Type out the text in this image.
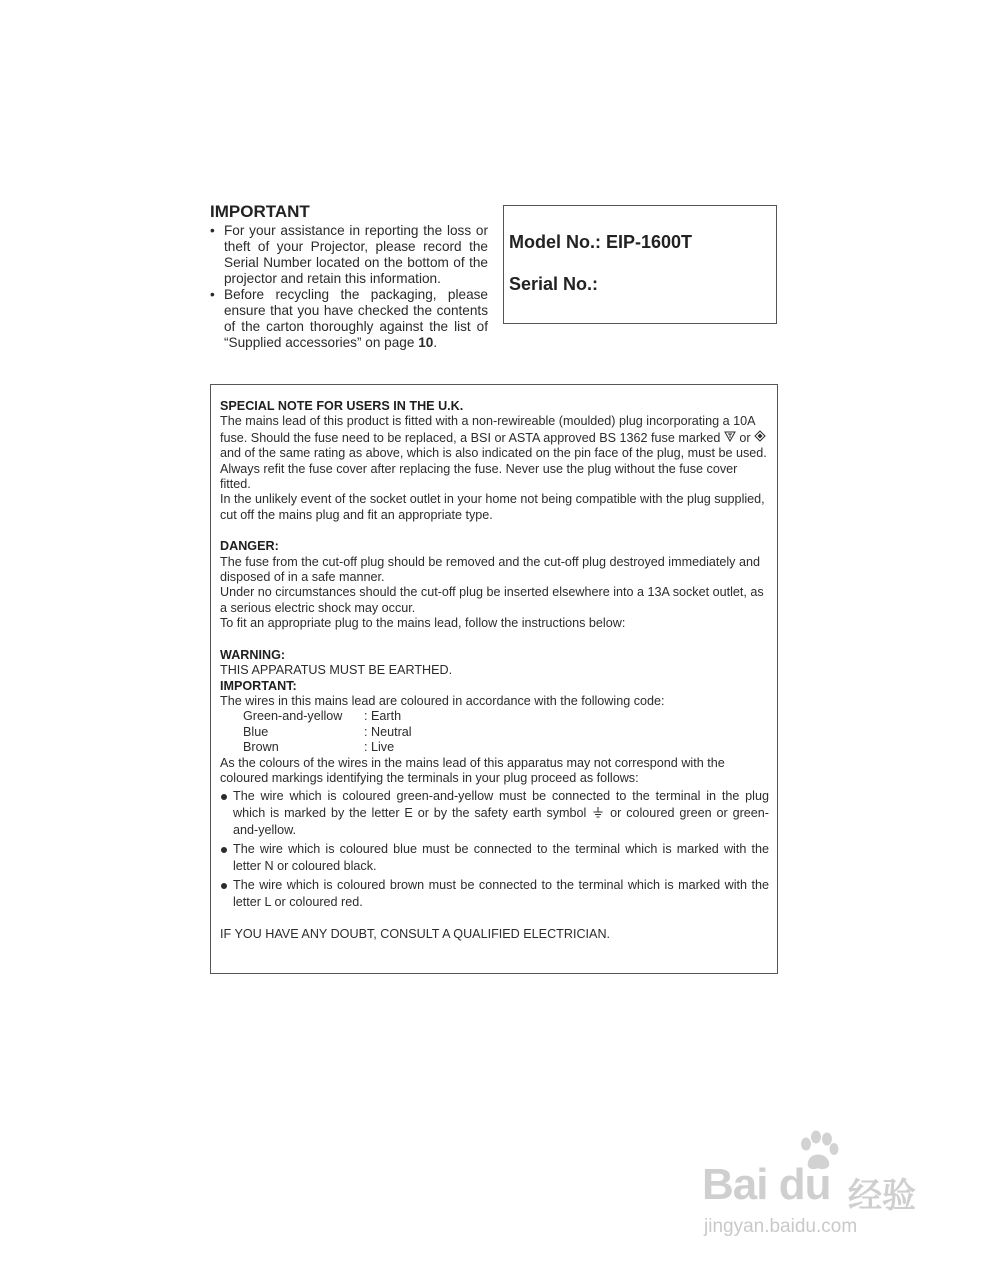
IMPORTANT
• For your assistance in reporting the loss or theft of your Projector, please record the Serial Number located on the bottom of the projector and retain this information.
• Before recycling the packaging, please ensure that you have checked the contents of the carton thoroughly against the list of “Supplied accessories” on page 10.
Model No.: EIP-1600T
Serial No.:

SPECIAL NOTE FOR USERS IN THE U.K.

The mains lead of this product is fitted with a non-rewireable (moulded) plug incorporating a 10A fuse. Should the fuse need to be replaced, a BSI or ASTA approved BS 1362 fuse marked  or  and of the same rating as above, which is also indicated on the pin face of the plug, must be used.

Always refit the fuse cover after replacing the fuse. Never use the plug without the fuse cover fitted.

In the unlikely event of the socket outlet in your home not being compatible with the plug supplied, cut off the mains plug and fit an appropriate type.

DANGER:

The fuse from the cut-off plug should be removed and the cut-off plug destroyed immediately and disposed of in a safe manner.

Under no circumstances should the cut-off plug be inserted elsewhere into a 13A socket outlet, as a serious electric shock may occur.

To fit an appropriate plug to the mains lead, follow the instructions below:

WARNING:

THIS APPARATUS MUST BE EARTHED.

IMPORTANT:

The wires in this mains lead are coloured in accordance with the following code:

Green-and-yellow	: Earth
Blue	: Neutral
Brown	: Live

As the colours of the wires in the mains lead of this apparatus may not correspond with the coloured markings identifying the terminals in your plug proceed as follows:

The wire which is coloured green-and-yellow must be connected to the terminal in the plug which is marked by the letter E or by the safety earth symbol  or coloured green or green-and-yellow.
The wire which is coloured blue must be connected to the terminal which is marked with the letter N or coloured black.
The wire which is coloured brown must be connected to the terminal which is marked with the letter L or coloured red.

IF YOU HAVE ANY DOUBT, CONSULT A QUALIFIED ELECTRICIAN.

Bai du 经验
jingyan.baidu.com
